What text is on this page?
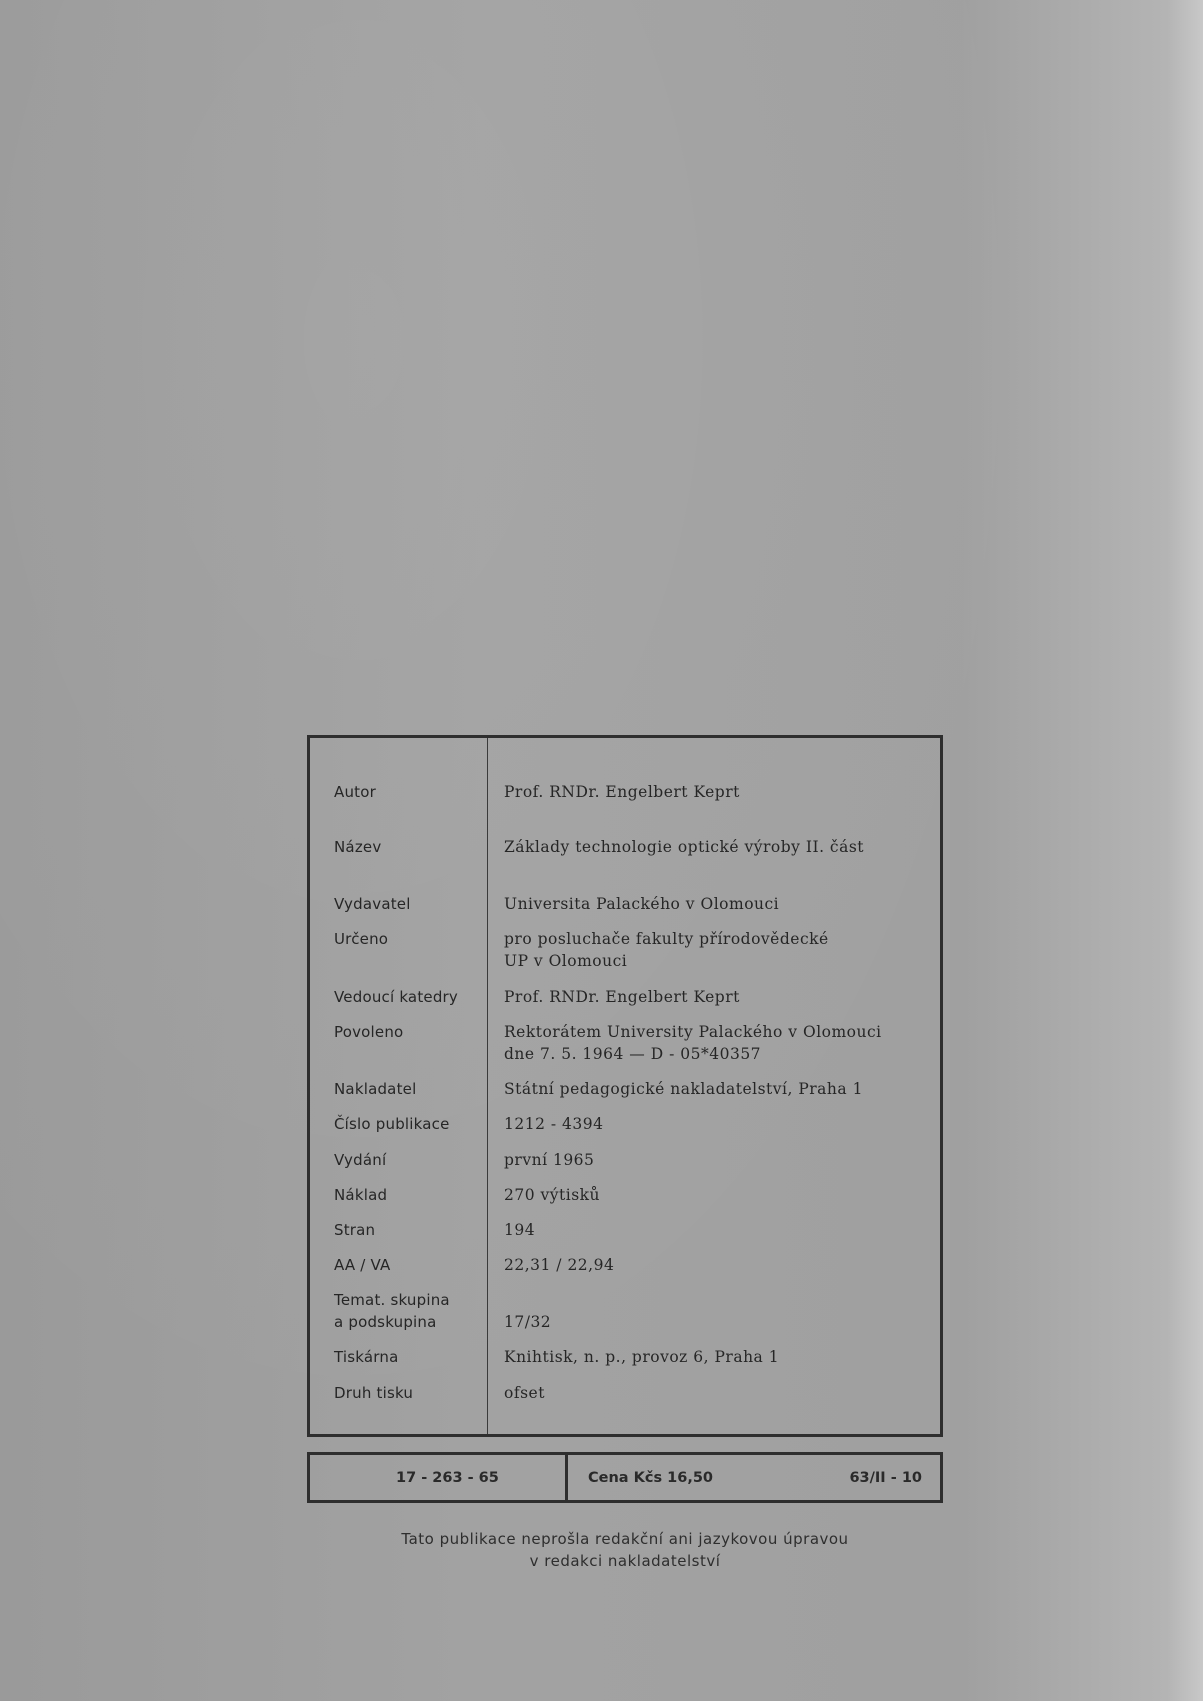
Autor	Prof. RNDr. Engelbert Keprt
Název	Základy technologie optické výroby II. část
Vydavatel	Universita Palackého v Olomouci
Určeno	pro posluchače fakulty přírodovědecké
UP v Olomouci
Vedoucí katedry	Prof. RNDr. Engelbert Keprt
Povoleno	Rektorátem University Palackého v Olomouci
dne 7. 5. 1964 — D - 05*40357
Nakladatel	Státní pedagogické nakladatelství, Praha 1
Číslo publikace	1212 - 4394
Vydání	první 1965
Náklad	270 výtisků
Stran	194
AA / VA	22,31 / 22,94
Temat. skupina
a podskupina	17/32
Tiskárna	Knihtisk, n. p., provoz 6, Praha 1
Druh tisku	ofset
17 - 263 - 65	Cena Kčs 16,50	63/II - 10
Tato publikace neprošla redakční ani jazykovou úpravou
v redakci nakladatelství
